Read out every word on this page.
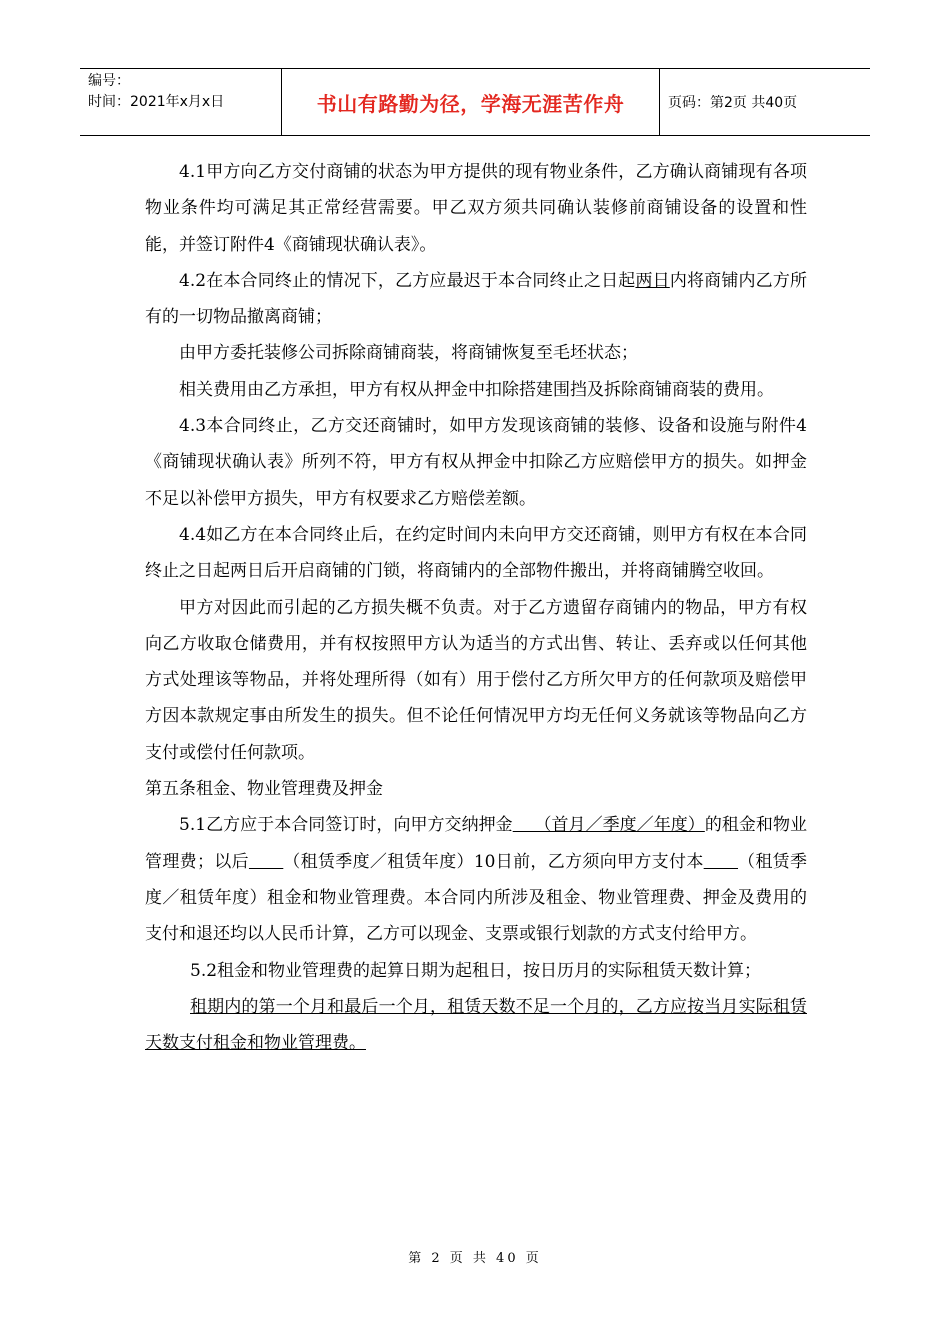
编号：
时间：2021年x月x日	书山有路勤为径，学海无涯苦作舟	页码：第2页 共40页

4.1甲方向乙方交付商铺的状态为甲方提供的现有物业条件，乙方确认商铺现有各项物业条件均可满足其正常经营需要。甲乙双方须共同确认装修前商铺设备的设置和性能，并签订附件4《商铺现状确认表》。

4.2在本合同终止的情况下，乙方应最迟于本合同终止之日起两日内将商铺内乙方所有的一切物品撤离商铺；

由甲方委托装修公司拆除商铺商装，将商铺恢复至毛坯状态；

相关费用由乙方承担，甲方有权从押金中扣除搭建围挡及拆除商铺商装的费用。

4.3本合同终止，乙方交还商铺时，如甲方发现该商铺的装修、设备和设施与附件4《商铺现状确认表》所列不符，甲方有权从押金中扣除乙方应赔偿甲方的损失。如押金不足以补偿甲方损失，甲方有权要求乙方赔偿差额。

4.4如乙方在本合同终止后，在约定时间内未向甲方交还商铺，则甲方有权在本合同终止之日起两日后开启商铺的门锁，将商铺内的全部物件搬出，并将商铺腾空收回。

甲方对因此而引起的乙方损失概不负责。对于乙方遗留存商铺内的物品，甲方有权向乙方收取仓储费用，并有权按照甲方认为适当的方式出售、转让、丢弃或以任何其他方式处理该等物品，并将处理所得（如有）用于偿付乙方所欠甲方的任何款项及赔偿甲方因本款规定事由所发生的损失。但不论任何情况甲方均无任何义务就该等物品向乙方支付或偿付任何款项。

第五条租金、物业管理费及押金

5.1乙方应于本合同签订时，向甲方交纳押金    （首月／季度／年度）的租金和物业管理费；以后 （租赁季度／租赁年度）10日前，乙方须向甲方支付本 （租赁季度／租赁年度）租金和物业管理费。本合同内所涉及租金、物业管理费、押金及费用的支付和退还均以人民币计算，乙方可以现金、支票或银行划款的方式支付给甲方。

5.2租金和物业管理费的起算日期为起租日，按日历月的实际租赁天数计算；

租期内的第一个月和最后一个月，租赁天数不足一个月的，乙方应按当月实际租赁天数支付租金和物业管理费。

第 2 页 共 40 页
